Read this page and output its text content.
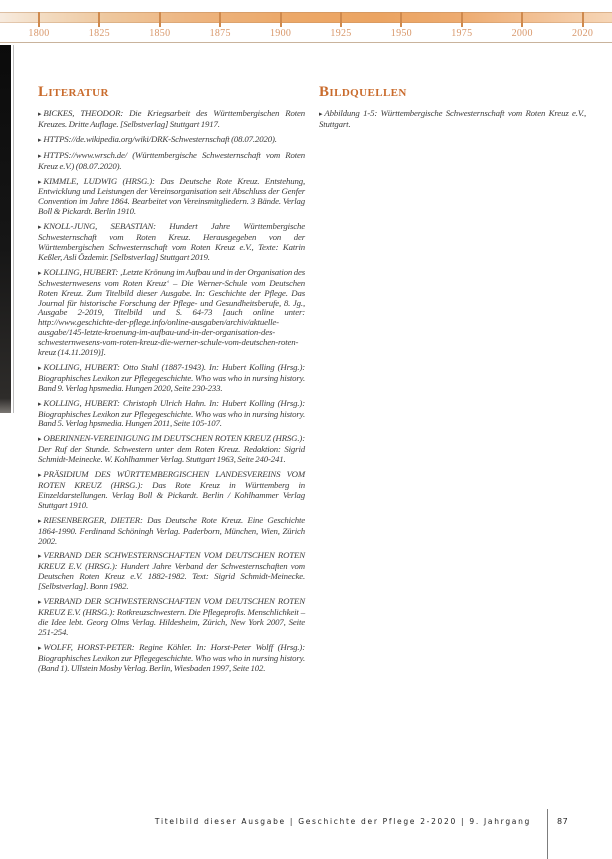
1800	1825	1850	1875	1900	1925	1950	1975	2000	2020
Literatur

▸ BICKES, THEODOR: Die Kriegsarbeit des Württembergischen Roten Kreuzes. Dritte Auflage. [Selbstverlag] Stuttgart 1917.

▸ HTTPS://de.wikipedia.org/wiki/DRK-Schwesternschaft (08.07.2020).

▸ HTTPS://www.wrsch.de/ (Württembergische Schwesternschaft vom Roten Kreuz e.V.) (08.07.2020).

▸ KIMMLE, LUDWIG (HRSG.): Das Deutsche Rote Kreuz. Entstehung, Entwicklung und Leistungen der Vereinsorganisation seit Abschluss der Genfer Convention im Jahre 1864. Bearbeitet von Vereinsmitgliedern. 3 Bände. Verlag Boll & Pickardt. Berlin 1910.

▸ KNOLL-JUNG, SEBASTIAN: Hundert Jahre Württembergische Schwesternschaft vom Roten Kreuz. Herausgegeben von der Württembergischen Schwesternschaft vom Roten Kreuz e.V., Texte: Katrin Keßler, Asli Özdemir. [Selbstverlag] Stuttgart 2019.

▸ KOLLING, HUBERT: ‚Letzte Krönung im Aufbau und in der Organisation des Schwesternwesens vom Roten Kreuz‘ – Die Werner-Schule vom Deutschen Roten Kreuz. Zum Titelbild dieser Ausgabe. In: Geschichte der Pflege. Das Journal für historische Forschung der Pflege- und Gesundheitsberufe, 8. Jg., Ausgabe 2-2019, Titelbild und S. 64-73 [auch online unter: http://www.geschichte-der-pflege.info/online-ausgaben/archiv/aktuelle-ausgabe/145-letzte-kroenung-im-aufbau-und-in-der-organisation-des-schwesternwesens-vom-roten-kreuz-die-werner-schule-vom-deutschen-roten-kreuz (14.11.2019)].

▸ KOLLING, HUBERT: Otto Stahl (1887-1943). In: Hubert Kolling (Hrsg.): Biographisches Lexikon zur Pflegegeschichte. Who was who in nursing history. Band 9. Verlag hpsmedia. Hungen 2020, Seite 230-233.

▸ KOLLING, HUBERT: Christoph Ulrich Hahn. In: Hubert Kolling (Hrsg.): Biographisches Lexikon zur Pflegegeschichte. Who was who in nursing history. Band 5. Verlag hpsmedia. Hungen 2011, Seite 105-107.

▸ OBERINNEN-VEREINIGUNG IM DEUTSCHEN ROTEN KREUZ (HRSG.): Der Ruf der Stunde. Schwestern unter dem Roten Kreuz. Redaktion: Sigrid Schmidt-Meinecke. W. Kohlhammer Verlag. Stuttgart 1963, Seite 240-241.

▸ PRÄSIDIUM DES WÜRTTEMBERGISCHEN LANDESVEREINS VOM ROTEN KREUZ (HRSG.): Das Rote Kreuz in Württemberg in Einzeldarstellungen. Verlag Boll & Pickardt. Berlin / Kohlhammer Verlag Stuttgart 1910.

▸ RIESENBERGER, DIETER: Das Deutsche Rote Kreuz. Eine Geschichte 1864-1990. Ferdinand Schöningh Verlag. Paderborn, München, Wien, Zürich 2002.

▸ VERBAND DER SCHWESTERNSCHAFTEN VOM DEUTSCHEN ROTEN KREUZ E.V. (HRSG.): Hundert Jahre Verband der Schwesternschaften vom Deutschen Roten Kreuz e.V. 1882-1982. Text: Sigrid Schmidt-Meinecke. [Selbstverlag]. Bonn 1982.

▸ VERBAND DER SCHWESTERNSCHAFTEN VOM DEUTSCHEN ROTEN KREUZ E.V. (HRSG.): Rotkreuzschwestern. Die Pflegeprofis. Menschlichkeit – die Idee lebt. Georg Olms Verlag. Hildesheim, Zürich, New York 2007, Seite 251-254.

▸ WOLFF, HORST-PETER: Regine Köhler. In: Horst-Peter Wolff (Hrsg.): Biographisches Lexikon zur Pflegegeschichte. Who was who in nursing history. (Band 1). Ullstein Mosby Verlag. Berlin, Wiesbaden 1997, Seite 102.

Bildquellen

▸ Abbildung 1-5: Württembergische Schwesternschaft vom Roten Kreuz e.V., Stuttgart.

Titelbild dieser Ausgabe | Geschichte der Pflege 2-2020 | 9. Jahrgang	87
